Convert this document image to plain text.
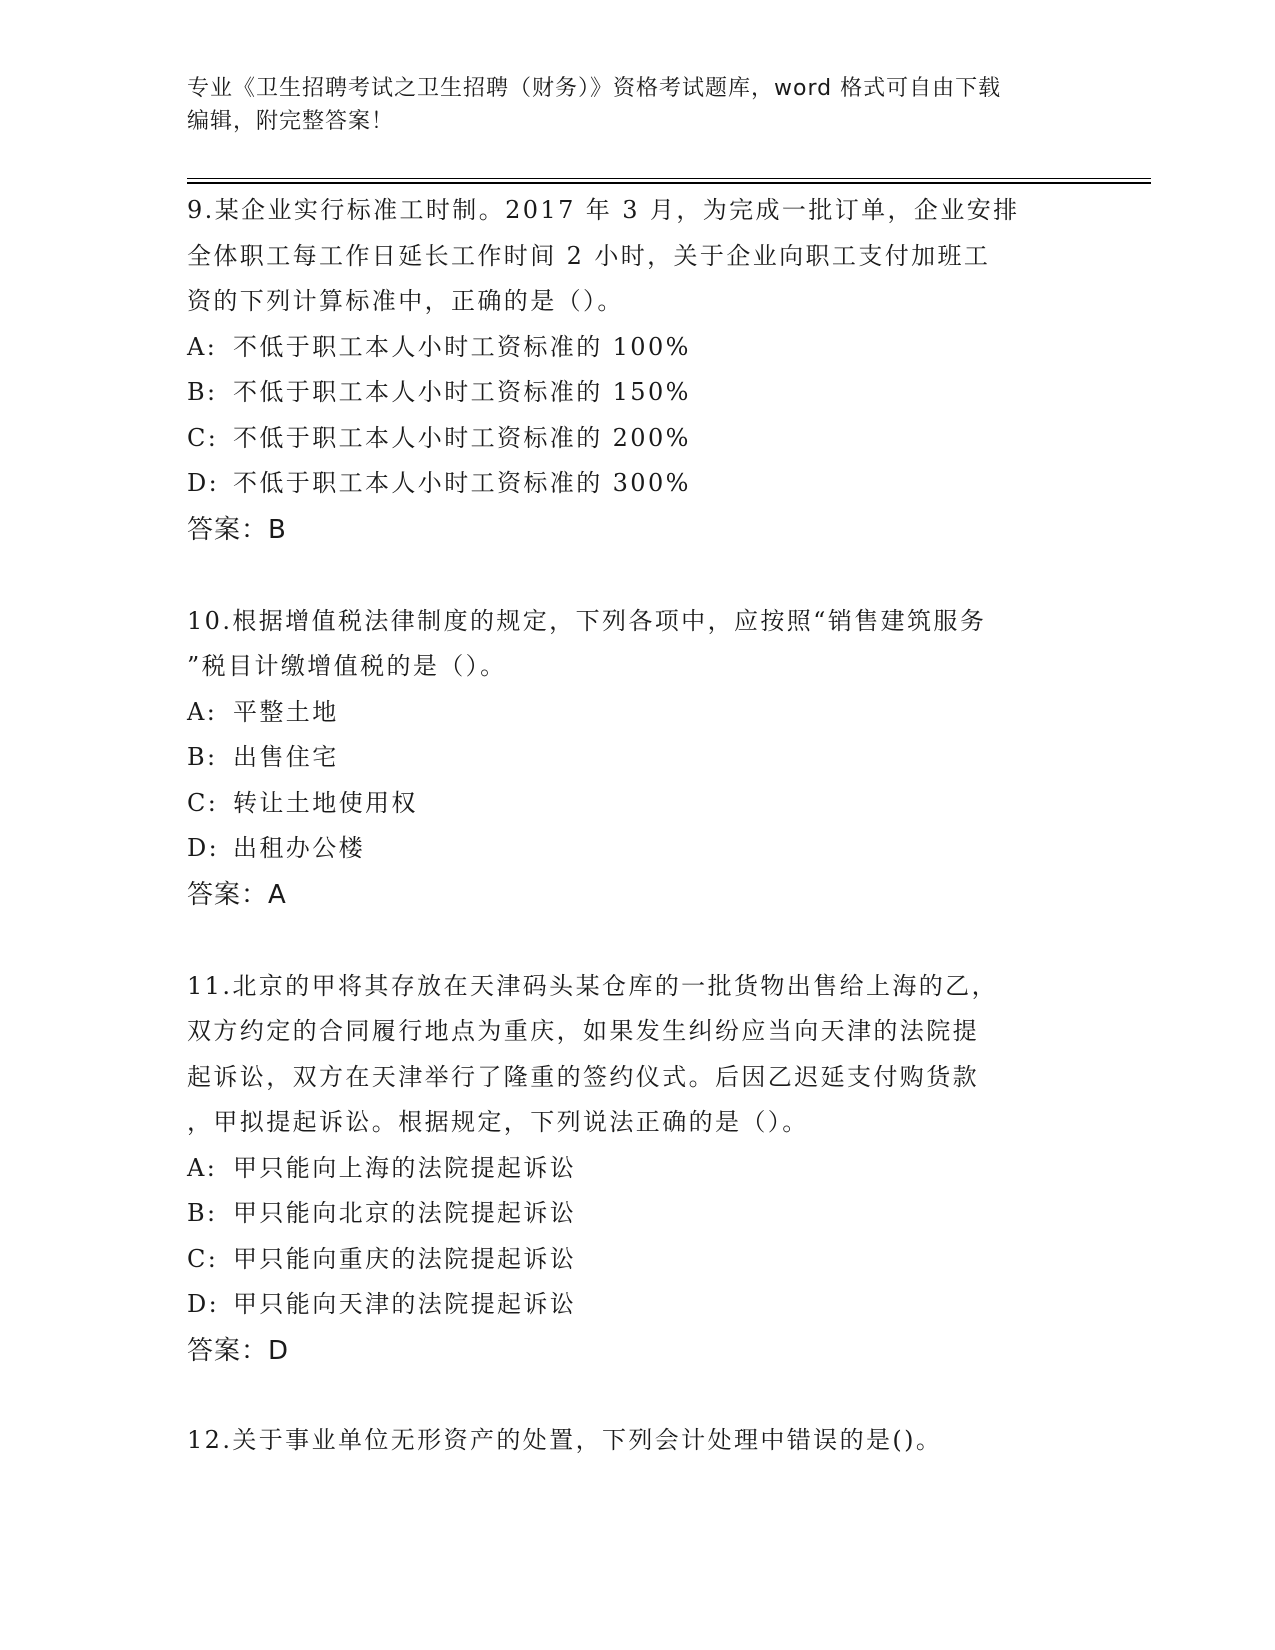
专业《卫生招聘考试之卫生招聘（财务）》资格考试题库，word 格式可自由下载
编辑，附完整答案！
9.某企业实行标准工时制。2017 年 3 月，为完成一批订单，企业安排
全体职工每工作日延长工作时间 2 小时，关于企业向职工支付加班工
资的下列计算标准中，正确的是（）。
A: 不低于职工本人小时工资标准的 100%
B: 不低于职工本人小时工资标准的 150%
C: 不低于职工本人小时工资标准的 200%
D: 不低于职工本人小时工资标准的 300%
答案：B
10.根据增值税法律制度的规定，下列各项中，应按照“销售建筑服务
”税目计缴增值税的是（）。
A: 平整土地
B: 出售住宅
C: 转让土地使用权
D: 出租办公楼
答案：A
11.北京的甲将其存放在天津码头某仓库的一批货物出售给上海的乙，
双方约定的合同履行地点为重庆，如果发生纠纷应当向天津的法院提
起诉讼，双方在天津举行了隆重的签约仪式。后因乙迟延支付购货款
，甲拟提起诉讼。根据规定，下列说法正确的是（）。
A: 甲只能向上海的法院提起诉讼
B: 甲只能向北京的法院提起诉讼
C: 甲只能向重庆的法院提起诉讼
D: 甲只能向天津的法院提起诉讼
答案：D
12.关于事业单位无形资产的处置，下列会计处理中错误的是()。
